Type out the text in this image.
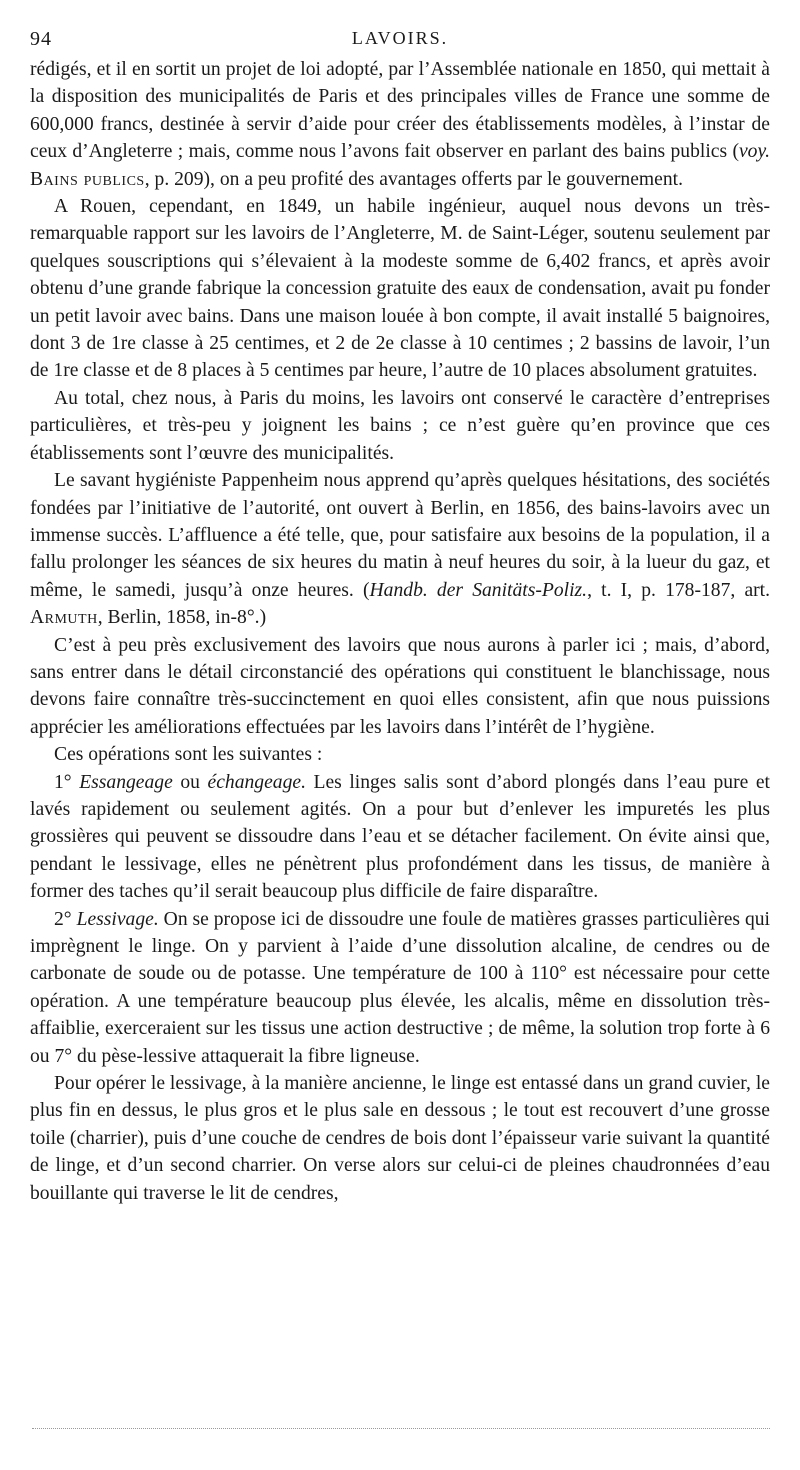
94	LAVOIRS.

rédigés, et il en sortit un projet de loi adopté, par l’Assemblée nationale en 1850, qui mettait à la disposition des municipalités de Paris et des principales villes de France une somme de 600,000 francs, destinée à servir d’aide pour créer des établissements modèles, à l’instar de ceux d’Angleterre ; mais, comme nous l’avons fait observer en parlant des bains publics (voy. Bains publics, p. 209), on a peu profité des avantages offerts par le gouvernement.

A Rouen, cependant, en 1849, un habile ingénieur, auquel nous devons un très-remarquable rapport sur les lavoirs de l’Angleterre, M. de Saint-Léger, soutenu seulement par quelques souscriptions qui s’élevaient à la modeste somme de 6,402 francs, et après avoir obtenu d’une grande fabrique la concession gratuite des eaux de condensation, avait pu fonder un petit lavoir avec bains. Dans une maison louée à bon compte, il avait installé 5 baignoires, dont 3 de 1re classe à 25 centimes, et 2 de 2e classe à 10 centimes ; 2 bassins de lavoir, l’un de 1re classe et de 8 places à 5 centimes par heure, l’autre de 10 places absolument gratuites.

Au total, chez nous, à Paris du moins, les lavoirs ont conservé le caractère d’entreprises particulières, et très-peu y joignent les bains ; ce n’est guère qu’en province que ces établissements sont l’œuvre des municipalités.

Le savant hygiéniste Pappenheim nous apprend qu’après quelques hésitations, des sociétés fondées par l’initiative de l’autorité, ont ouvert à Berlin, en 1856, des bains-lavoirs avec un immense succès. L’affluence a été telle, que, pour satisfaire aux besoins de la population, il a fallu prolonger les séances de six heures du matin à neuf heures du soir, à la lueur du gaz, et même, le samedi, jusqu’à onze heures. (Handb. der Sanitäts-Poliz., t. I, p. 178-187, art. Armuth, Berlin, 1858, in-8°.)

C’est à peu près exclusivement des lavoirs que nous aurons à parler ici ; mais, d’abord, sans entrer dans le détail circonstancié des opérations qui constituent le blanchissage, nous devons faire connaître très-succinctement en quoi elles consistent, afin que nous puissions apprécier les améliorations effectuées par les lavoirs dans l’intérêt de l’hygiène.

Ces opérations sont les suivantes :

1° Essangeage ou échangeage. Les linges salis sont d’abord plongés dans l’eau pure et lavés rapidement ou seulement agités. On a pour but d’enlever les impuretés les plus grossières qui peuvent se dissoudre dans l’eau et se détacher facilement. On évite ainsi que, pendant le lessivage, elles ne pénètrent plus profondément dans les tissus, de manière à former des taches qu’il serait beaucoup plus difficile de faire disparaître.

2° Lessivage. On se propose ici de dissoudre une foule de matières grasses particulières qui imprègnent le linge. On y parvient à l’aide d’une dissolution alcaline, de cendres ou de carbonate de soude ou de potasse. Une température de 100 à 110° est nécessaire pour cette opération. A une température beaucoup plus élevée, les alcalis, même en dissolution très-affaiblie, exerceraient sur les tissus une action destructive ; de même, la solution trop forte à 6 ou 7° du pèse-lessive attaquerait la fibre ligneuse.

Pour opérer le lessivage, à la manière ancienne, le linge est entassé dans un grand cuvier, le plus fin en dessus, le plus gros et le plus sale en dessous ; le tout est recouvert d’une grosse toile (charrier), puis d’une couche de cendres de bois dont l’épaisseur varie suivant la quantité de linge, et d’un second charrier. On verse alors sur celui-ci de pleines chaudronnées d’eau bouillante qui traverse le lit de cendres,
